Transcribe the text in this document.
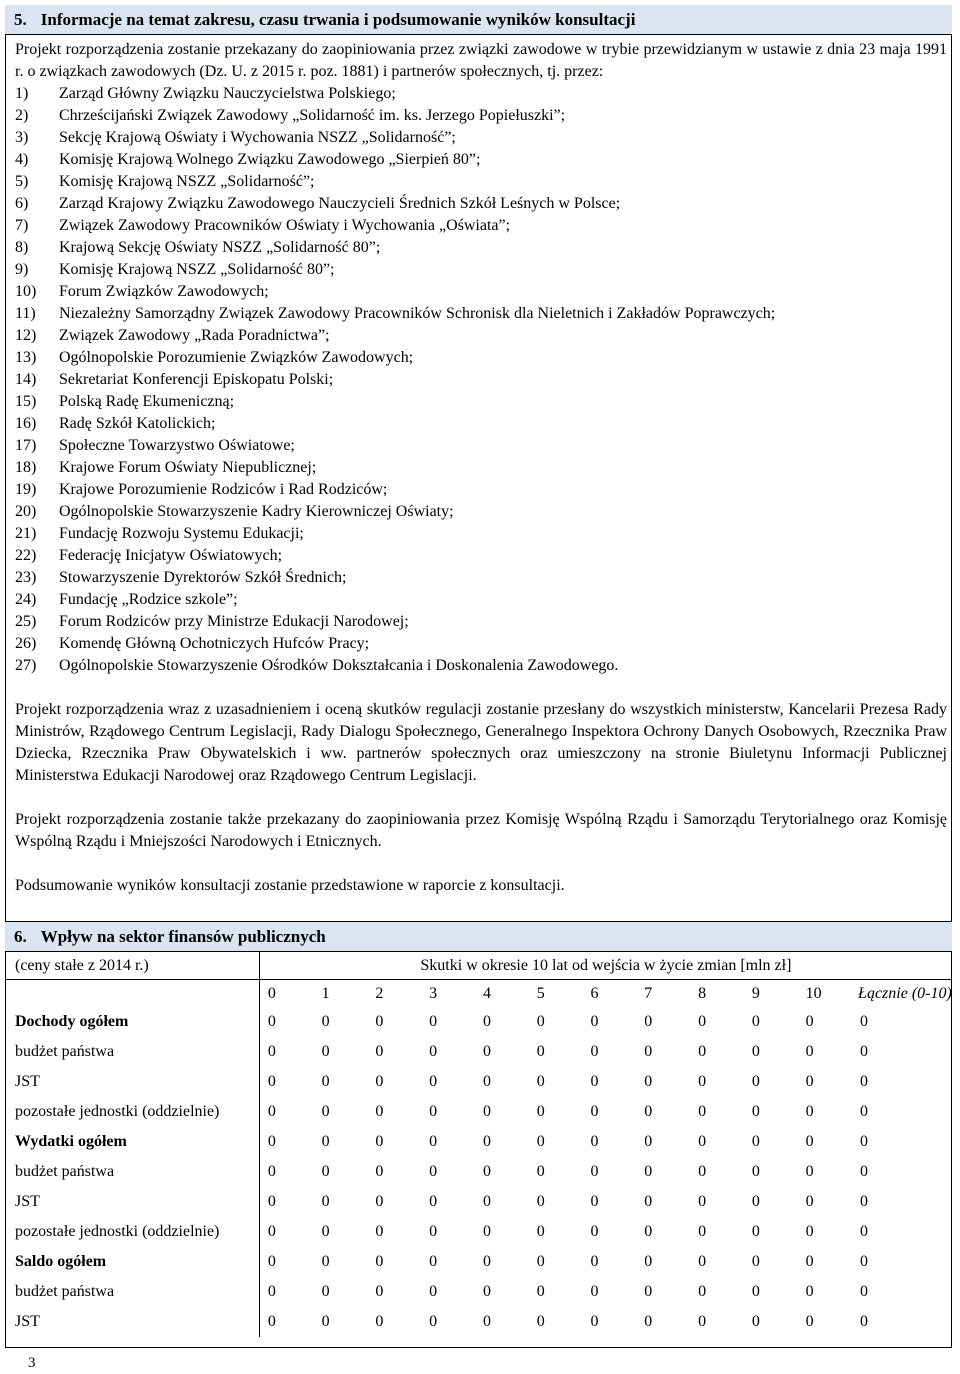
5. Informacje na temat zakresu, czasu trwania i podsumowanie wyników konsultacji

Projekt rozporządzenia zostanie przekazany do zaopiniowania przez związki zawodowe w trybie przewidzianym w ustawie z dnia 23 maja 1991 r. o związkach zawodowych (Dz. U. z 2015 r. poz. 1881) i partnerów społecznych, tj. przez:

1) Zarząd Główny Związku Nauczycielstwa Polskiego;
2) Chrześcijański Związek Zawodowy „Solidarność im. ks. Jerzego Popiełuszki”;
3) Sekcję Krajową Oświaty i Wychowania NSZZ „Solidarność”;
4) Komisję Krajową Wolnego Związku Zawodowego „Sierpień 80”;
5) Komisję Krajową NSZZ „Solidarność”;
6) Zarząd Krajowy Związku Zawodowego Nauczycieli Średnich Szkół Leśnych w Polsce;
7) Związek Zawodowy Pracowników Oświaty i Wychowania „Oświata”;
8) Krajową Sekcję Oświaty NSZZ „Solidarność 80”;
9) Komisję Krajową NSZZ „Solidarność 80”;
10) Forum Związków Zawodowych;
11) Niezależny Samorządny Związek Zawodowy Pracowników Schronisk dla Nieletnich i Zakładów Poprawczych;
12) Związek Zawodowy „Rada Poradnictwa”;
13) Ogólnopolskie Porozumienie Związków Zawodowych;
14) Sekretariat Konferencji Episkopatu Polski;
15) Polską Radę Ekumeniczną;
16) Radę Szkół Katolickich;
17) Społeczne Towarzystwo Oświatowe;
18) Krajowe Forum Oświaty Niepublicznej;
19) Krajowe Porozumienie Rodziców i Rad Rodziców;
20) Ogólnopolskie Stowarzyszenie Kadry Kierowniczej Oświaty;
21) Fundację Rozwoju Systemu Edukacji;
22) Federację Inicjatyw Oświatowych;
23) Stowarzyszenie Dyrektorów Szkół Średnich;
24) Fundację „Rodzice szkole”;
25) Forum Rodziców przy Ministrze Edukacji Narodowej;
26) Komendę Główną Ochotniczych Hufców Pracy;
27) Ogólnopolskie Stowarzyszenie Ośrodków Dokształcania i Doskonalenia Zawodowego.

Projekt rozporządzenia wraz z uzasadnieniem i oceną skutków regulacji zostanie przesłany do wszystkich ministerstw, Kancelarii Prezesa Rady Ministrów, Rządowego Centrum Legislacji, Rady Dialogu Społecznego, Generalnego Inspektora Ochrony Danych Osobowych, Rzecznika Praw Dziecka, Rzecznika Praw Obywatelskich i ww. partnerów społecznych oraz umieszczony na stronie Biuletynu Informacji Publicznej Ministerstwa Edukacji Narodowej oraz Rządowego Centrum Legislacji.

Projekt rozporządzenia zostanie także przekazany do zaopiniowania przez Komisję Wspólną Rządu i Samorządu Terytorialnego oraz Komisję Wspólną Rządu i Mniejszości Narodowych i Etnicznych.

Podsumowanie wyników konsultacji zostanie przedstawione w raporcie z konsultacji.

6. Wpływ na sektor finansów publicznych
(ceny stałe z 2014 r.)	Skutki w okresie 10 lat od wejścia w życie zmian [mln zł]											
	0	1	2	3	4	5	6	7	8	9	10	Łącznie (0-10)
Dochody ogółem	0	0	0	0	0	0	0	0	0	0	0	0
budżet państwa	0	0	0	0	0	0	0	0	0	0	0	0
JST	0	0	0	0	0	0	0	0	0	0	0	0
pozostałe jednostki (oddzielnie)	0	0	0	0	0	0	0	0	0	0	0	0
Wydatki ogółem	0	0	0	0	0	0	0	0	0	0	0	0
budżet państwa	0	0	0	0	0	0	0	0	0	0	0	0
JST	0	0	0	0	0	0	0	0	0	0	0	0
pozostałe jednostki (oddzielnie)	0	0	0	0	0	0	0	0	0	0	0	0
Saldo ogółem	0	0	0	0	0	0	0	0	0	0	0	0
budżet państwa	0	0	0	0	0	0	0	0	0	0	0	0
JST	0	0	0	0	0	0	0	0	0	0	0	0
3
